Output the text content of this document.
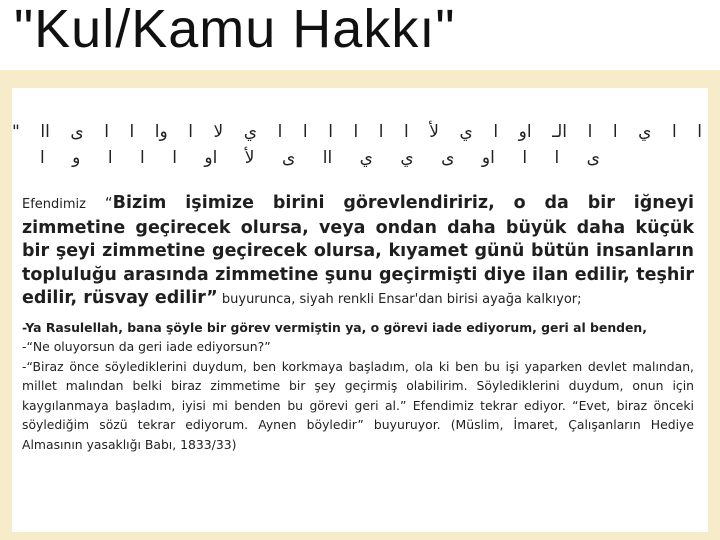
"Kul/Kamu Hakkı"
ا ا ي ا ا الـ او ا ي لأ ا ا ا ا ا ا ي لا ا وا ا ا ى اا "
ى ا ا او ى ي ي اا ى لأ او ا ا ا و ا

Efendimiz “Bizim işimize birini görevlendiririz, o da bir iğneyi zimmetine geçirecek olursa, veya ondan daha büyük daha küçük bir şeyi zimmetine geçirecek olursa, kıyamet günü bütün insanların topluluğu arasında zimmetine şunu geçirmişti diye ilan edilir, teşhir edilir, rüsvay edilir” buyurunca, siyah renkli Ensar'dan birisi ayağa kalkıyor;

-Ya Rasulellah, bana şöyle bir görev vermiştin ya, o görevi iade ediyorum, geri al benden,

-“Ne oluyorsun da geri iade ediyorsun?”

-“Biraz önce söylediklerini duydum, ben korkmaya başladım, ola ki ben bu işi yaparken devlet malından, millet malından belki biraz zimmetime bir şey geçirmiş olabilirim. Söylediklerini duydum, onun için kaygılanmaya başladım, iyisi mi benden bu görevi geri al.” Efendimiz tekrar ediyor. “Evet, biraz önceki söylediğim sözü tekrar ediyorum. Aynen böyledir” buyuruyor. (Müslim, İmaret, Çalışanların Hediye Almasının yasaklığı Babı, 1833/33)
